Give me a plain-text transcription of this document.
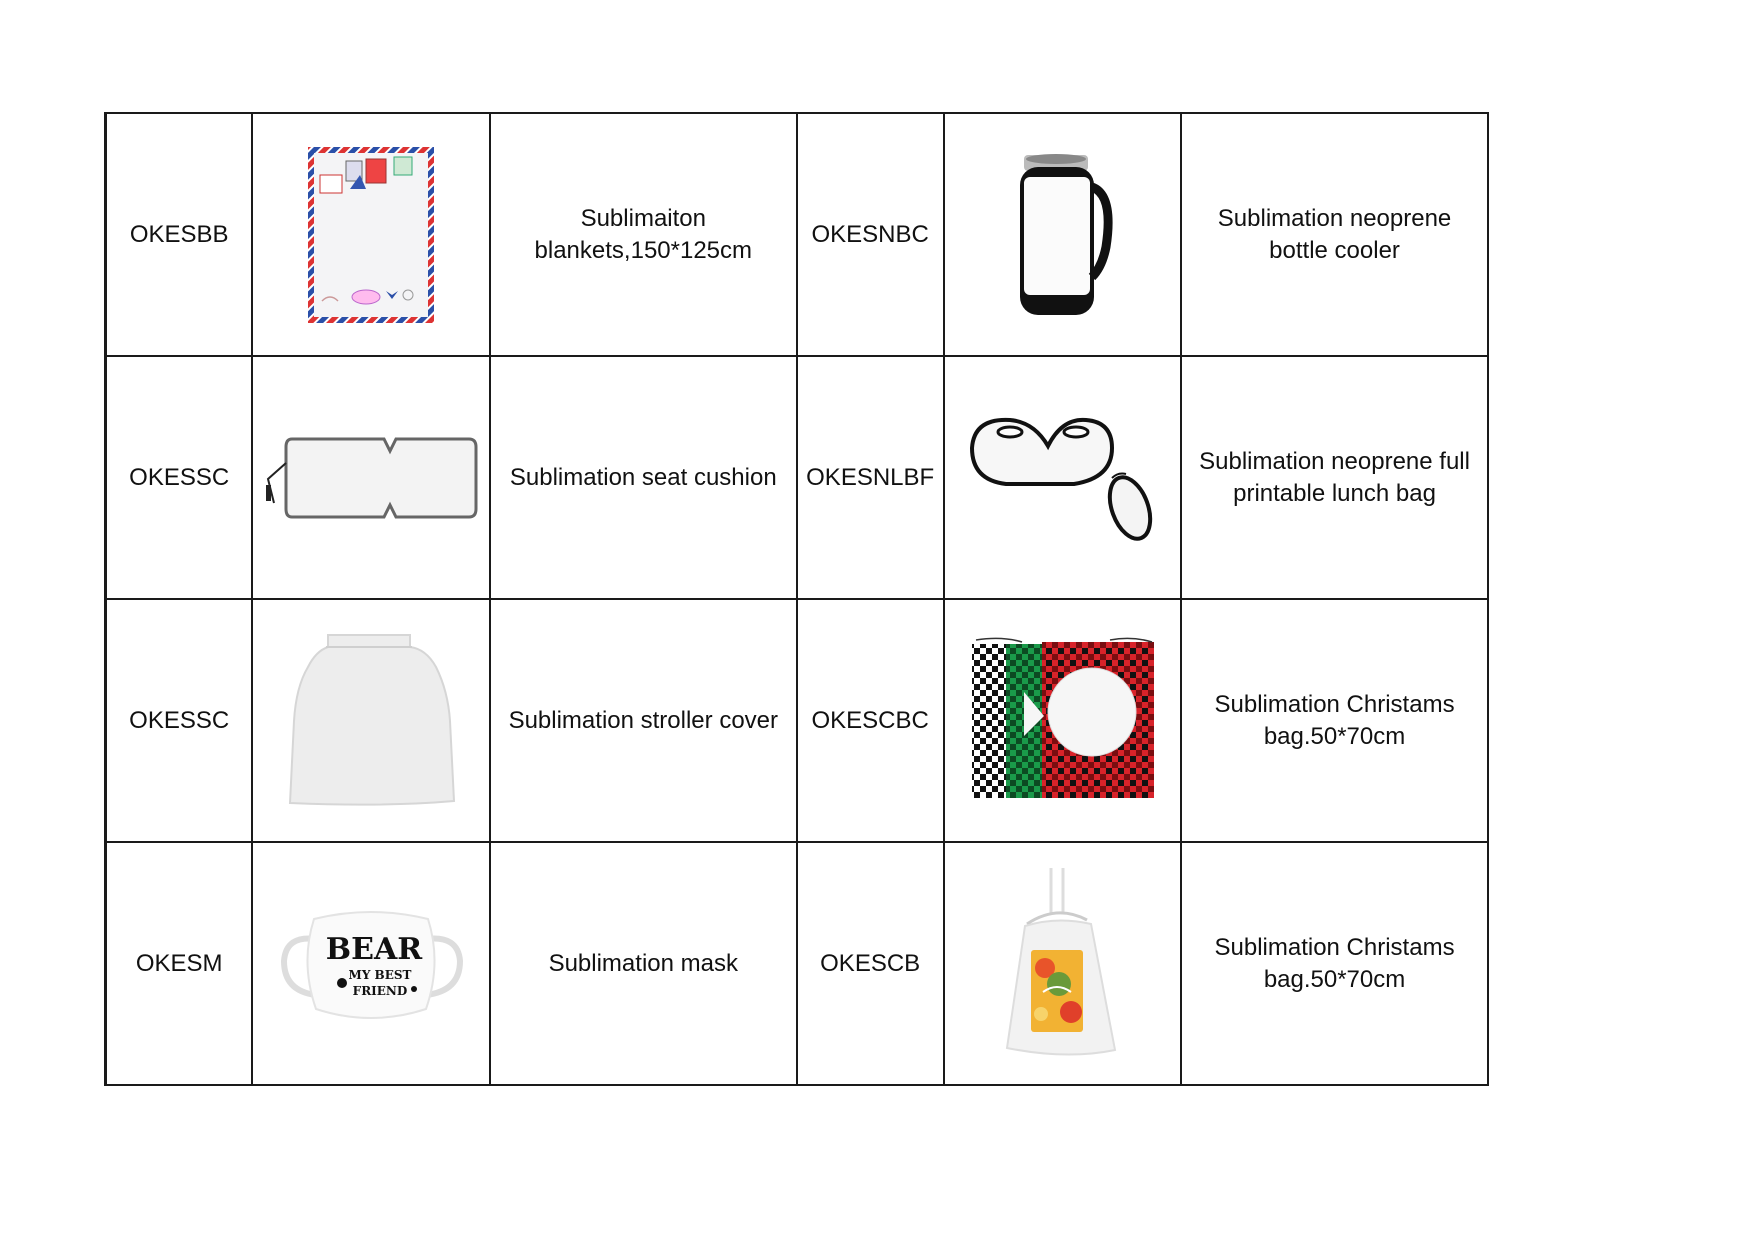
OKESBB		Sublimaiton
blankets,150*125cm	OKESNBC		Sublimation neoprene
bottle cooler
OKESSC		Sublimation seat cushion	OKESNLBF		Sublimation neoprene full
printable lunch bag
OKESSC		Sublimation stroller cover	OKESCBC		Sublimation Christams
bag.50*70cm
OKESM	BEAR
MY BEST
FRIEND	Sublimation mask	OKESCB		Sublimation Christams
bag.50*70cm
